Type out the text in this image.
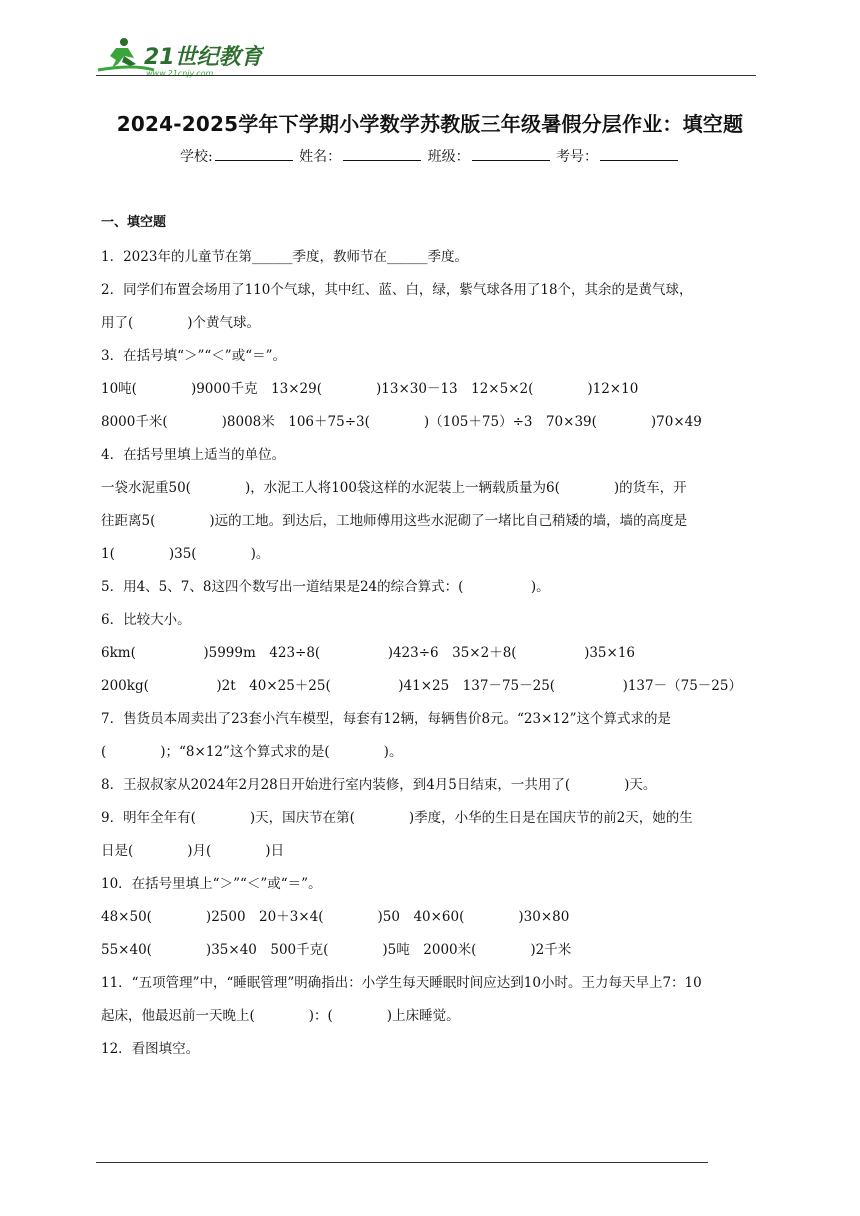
21世纪教育
www.21cnjy.com
2024-2025学年下学期小学数学苏教版三年级暑假分层作业：填空题
学校:	姓名：	班级：	考号：
一、填空题
1．2023年的儿童节在第______季度，教师节在______季度。
2．同学们布置会场用了110个气球，其中红、蓝、白，绿，紫气球各用了18个，其余的是黄气球，
用了(　　　　)个黄气球。
3．在括号填“＞”“＜”或“＝”。
10吨(　　　　)9000千克　13×29(　　　　)13×30－13　12×5×2(　　　　)12×10
8000千米(　　　　)8008米　106＋75÷3(　　　　)（105＋75）÷3　70×39(　　　　)70×49
4．在括号里填上适当的单位。
一袋水泥重50(　　　　)，水泥工人将100袋这样的水泥装上一辆载质量为6(　　　　)的货车，开
往距离5(　　　　)远的工地。到达后，工地师傅用这些水泥砌了一堵比自己稍矮的墙，墙的高度是
1(　　　　)35(　　　　)。
5．用4、5、7、8这四个数写出一道结果是24的综合算式：(　　　　　)。
6．比较大小。
6km(　　　　　)5999m　423÷8(　　　　　)423÷6　35×2＋8(　　　　　)35×16
200kg(　　　　　)2t　40×25＋25(　　　　　)41×25　137－75－25(　　　　　)137－（75－25）
7．售货员本周卖出了23套小汽车模型，每套有12辆，每辆售价8元。“23×12”这个算式求的是
(　　　　)；“8×12”这个算式求的是(　　　　)。
8．王叔叔家从2024年2月28日开始进行室内装修，到4月5日结束，一共用了(　　　　)天。
9．明年全年有(　　　　)天，国庆节在第(　　　　)季度，小华的生日是在国庆节的前2天，她的生
日是(　　　　)月(　　　　)日
10．在括号里填上“＞”“＜”或“＝”。
48×50(　　　　)2500　20＋3×4(　　　　)50　40×60(　　　　)30×80
55×40(　　　　)35×40　500千克(　　　　)5吨　2000米(　　　　)2千米
11．“五项管理”中，“睡眠管理”明确指出：小学生每天睡眠时间应达到10小时。王力每天早上7：10
起床，他最迟前一天晚上(　　　　)：(　　　　)上床睡觉。
12．看图填空。
